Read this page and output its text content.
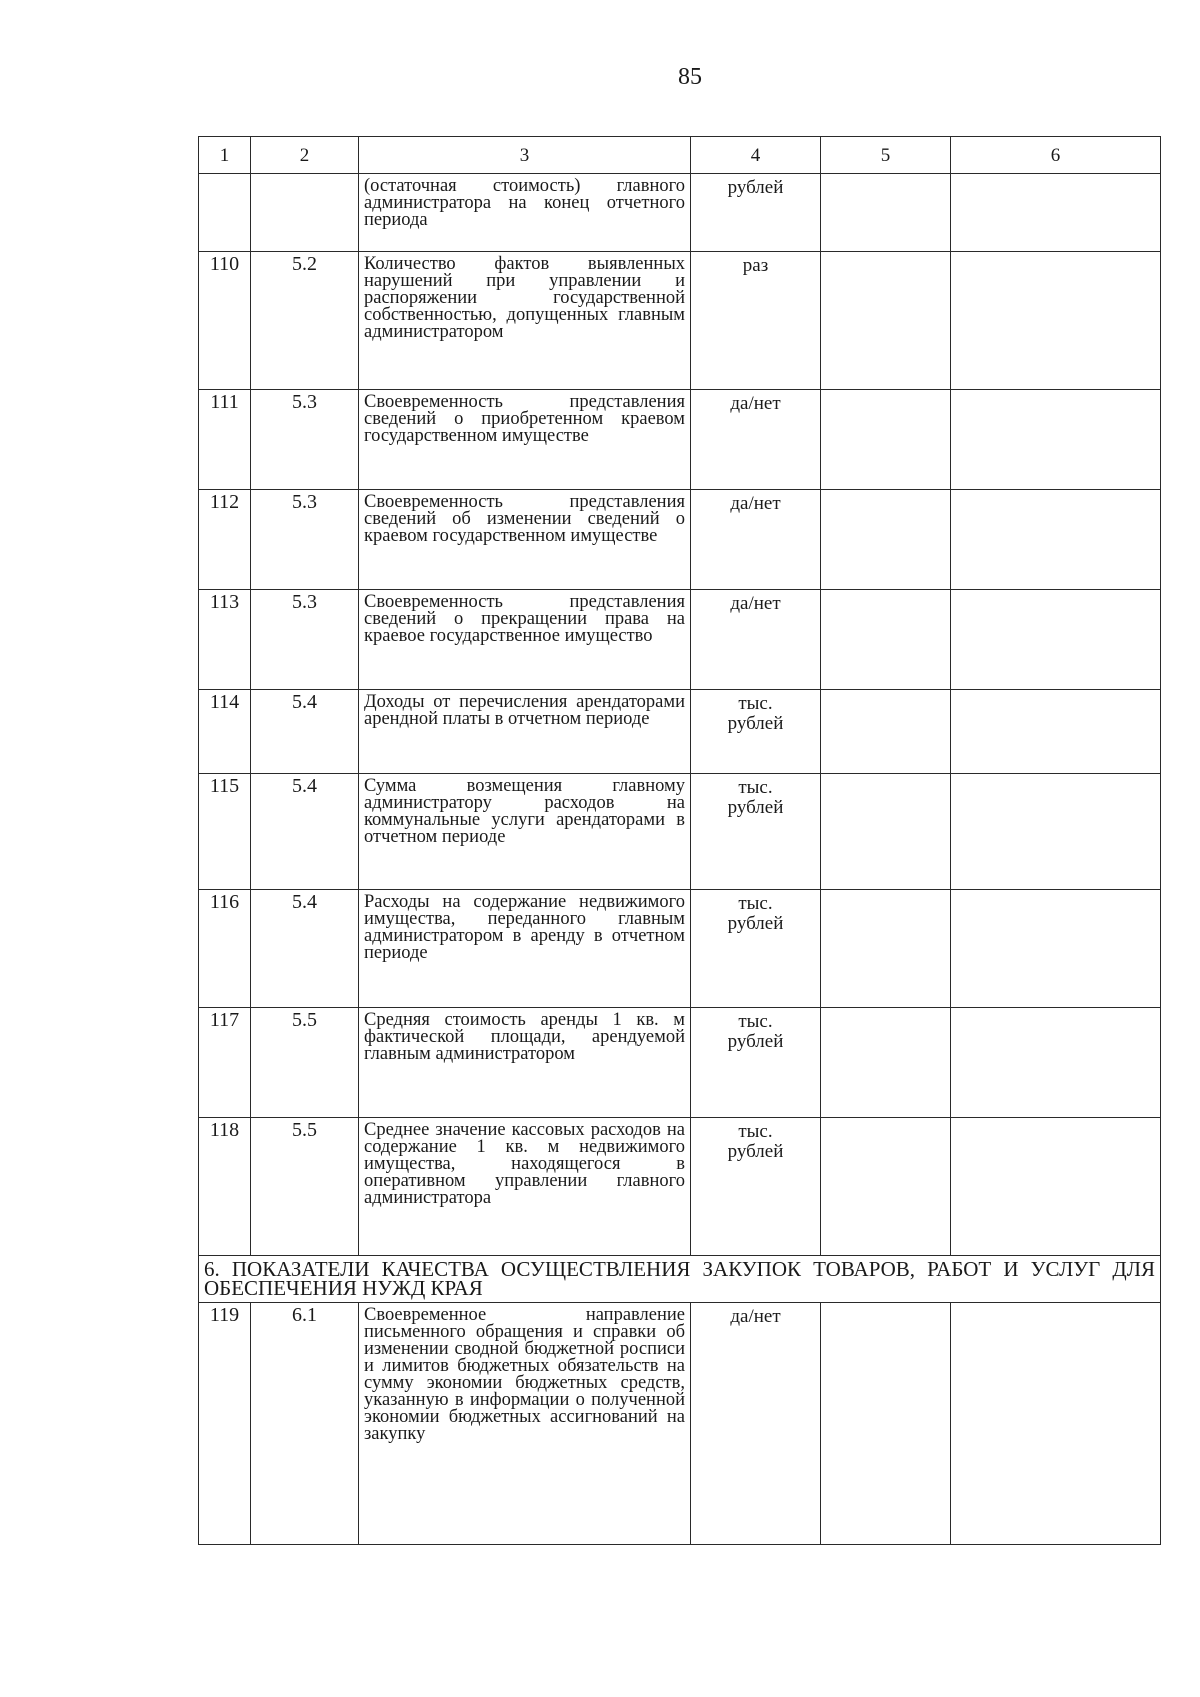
85
1	2	3	4	5	6
		(остаточная стоимость) главного администратора на конец отчетного периода	рублей		

110	5.2	Количество фактов выявленных нарушений при управлении и распоряжении государственной собственностью, допущенных главным администратором	раз		

111	5.3	Своевременность представления сведений о приобретенном краевом государственном имуществе	да/нет		

112	5.3	Своевременность представления сведений об изменении сведений о краевом государственном имуществе	да/нет		

113	5.3	Своевременность представления сведений о прекращении права на краевое государственное имущество	да/нет		

114	5.4	Доходы от перечисления арендаторами арендной платы в отчетном периоде	тыс.
рублей		

115	5.4	Сумма возмещения главному администратору расходов на коммунальные услуги арендаторами в отчетном периоде	тыс.
рублей		

116	5.4	Расходы на содержание недвижимого имущества, переданного главным администратором в аренду в отчетном периоде	тыс.
рублей		

117	5.5	Средняя стоимость аренды 1 кв. м фактической площади, арендуемой главным администратором	тыс.
рублей		

118	5.5	Среднее значение кассовых расходов на содержание 1 кв. м недвижимого имущества, находящегося в оперативном управлении главного администратора	тыс.
рублей		

6. ПОКАЗАТЕЛИ КАЧЕСТВА ОСУЩЕСТВЛЕНИЯ ЗАКУПОК ТОВАРОВ, РАБОТ И УСЛУГ ДЛЯ ОБЕСПЕЧЕНИЯ НУЖД КРАЯ					
119	6.1	Своевременное направление письменного обращения и справки об изменении сводной бюджетной росписи и лимитов бюджетных обязательств на сумму экономии бюджетных средств, указанную в информации о полученной экономии бюджетных ассигнований на закупку	да/нет		
